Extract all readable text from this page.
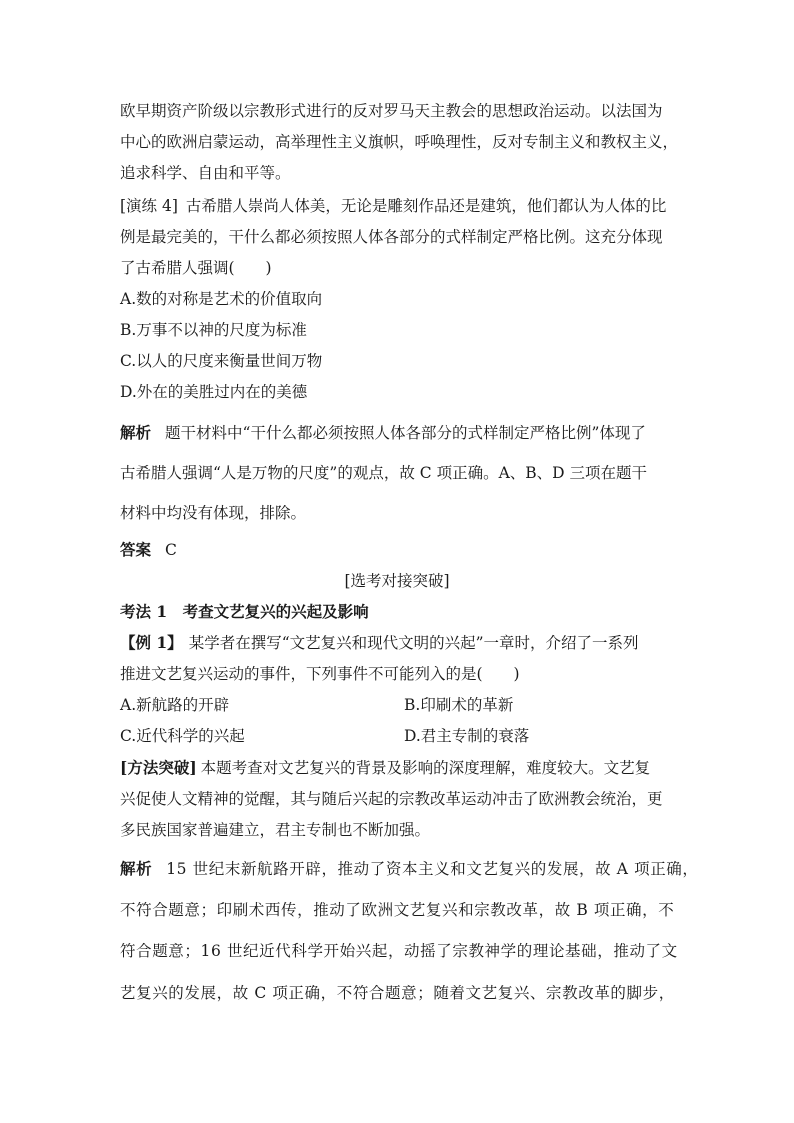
欧早期资产阶级以宗教形式进行的反对罗马天主教会的思想政治运动。以法国为
中心的欧洲启蒙运动，高举理性主义旗帜，呼唤理性，反对专制主义和教权主义，
追求科学、自由和平等。
[演练 4] 古希腊人崇尚人体美，无论是雕刻作品还是建筑，他们都认为人体的比
例是最完美的，干什么都必须按照人体各部分的式样制定严格比例。这充分体现
了古希腊人强调(　　)
A.数的对称是艺术的价值取向
B.万事不以神的尺度为标准
C.以人的尺度来衡量世间万物
D.外在的美胜过内在的美德
解析 题干材料中“干什么都必须按照人体各部分的式样制定严格比例”体现了
古希腊人强调“人是万物的尺度”的观点，故 C 项正确。A、B、D 三项在题干
材料中均没有体现，排除。
答案 C
[选考对接突破]
考法 1　考查文艺复兴的兴起及影响
【例 1】 某学者在撰写“文艺复兴和现代文明的兴起”一章时，介绍了一系列
推进文艺复兴运动的事件，下列事件不可能列入的是(　　)
A.新航路的开辟	B.印刷术的革新
C.近代科学的兴起	D.君主专制的衰落
[方法突破] 本题考查对文艺复兴的背景及影响的深度理解，难度较大。文艺复
兴促使人文精神的觉醒，其与随后兴起的宗教改革运动冲击了欧洲教会统治，更
多民族国家普遍建立，君主专制也不断加强。
解析 15 世纪末新航路开辟，推动了资本主义和文艺复兴的发展，故 A 项正确，
不符合题意；印刷术西传，推动了欧洲文艺复兴和宗教改革，故 B 项正确，不
符合题意；16 世纪近代科学开始兴起，动摇了宗教神学的理论基础，推动了文
艺复兴的发展，故 C 项正确，不符合题意；随着文艺复兴、宗教改革的脚步，
